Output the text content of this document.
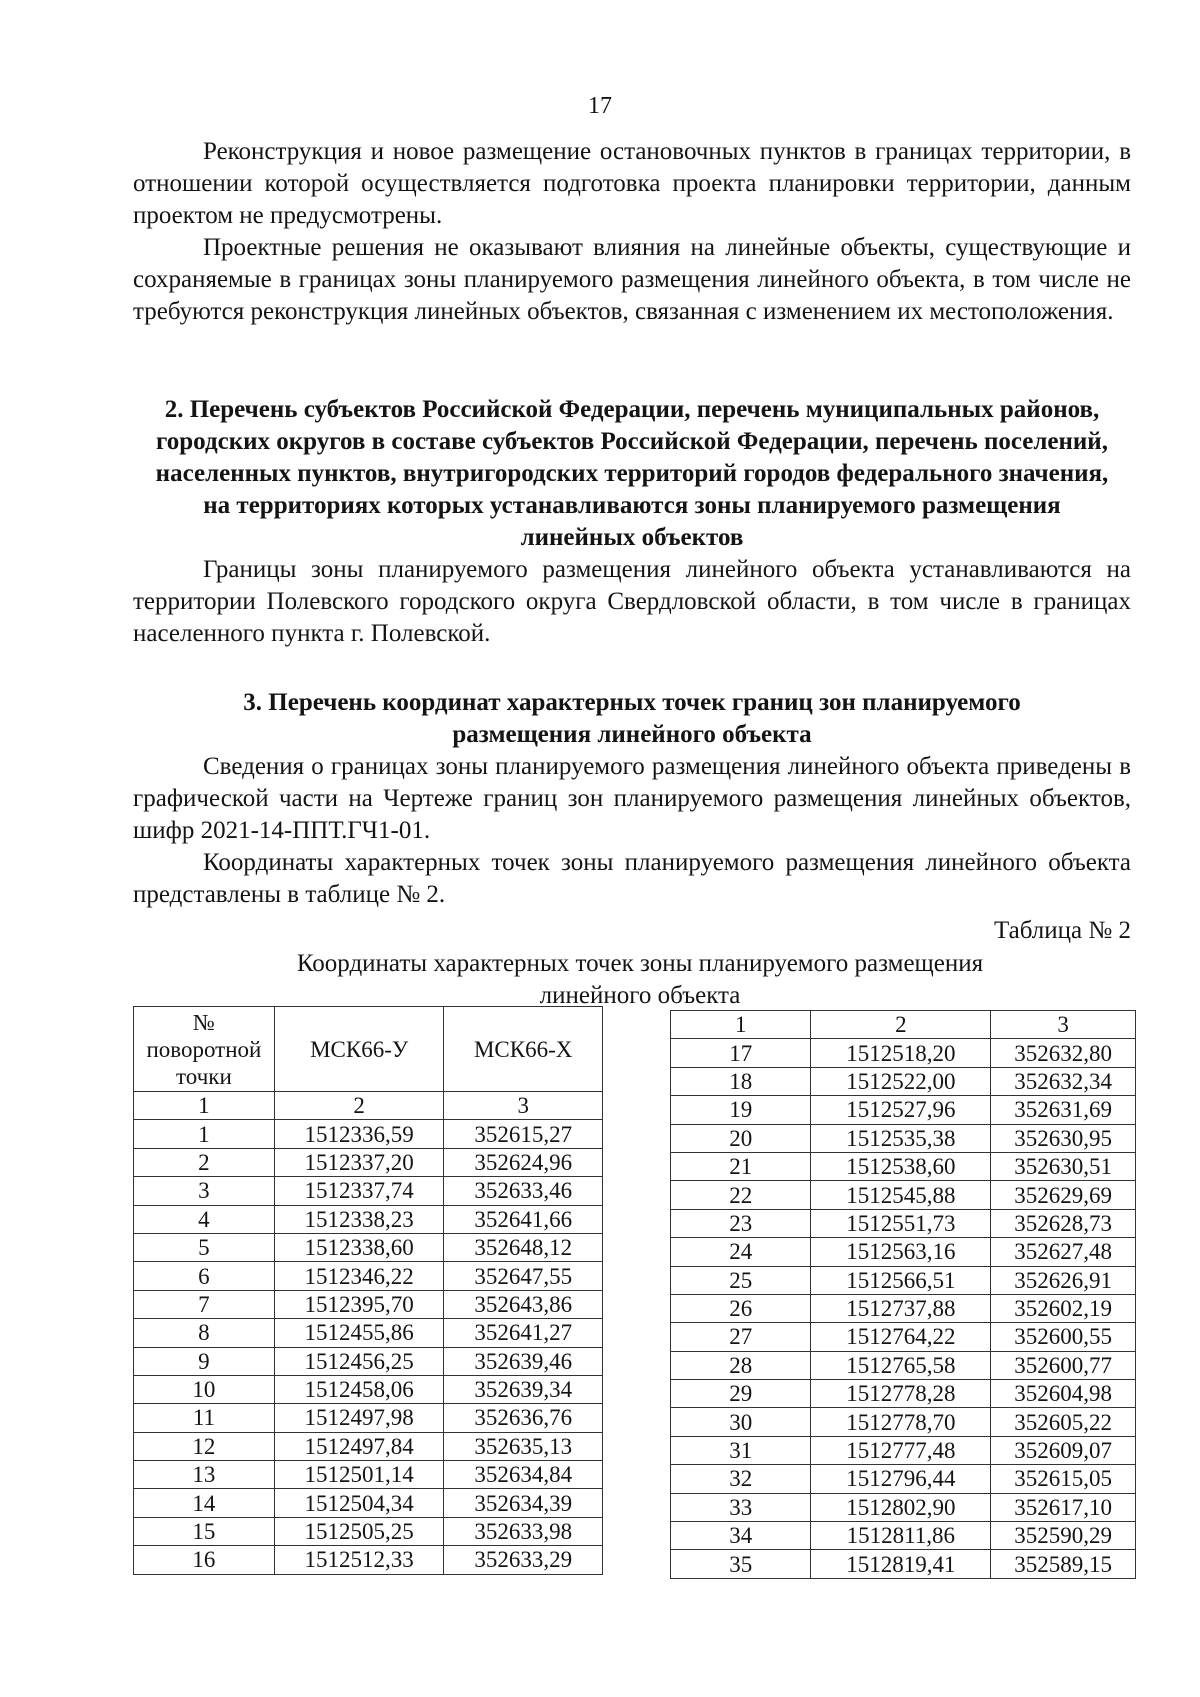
17

Реконструкция и новое размещение остановочных пунктов в границах территории, в отношении которой осуществляется подготовка проекта планировки территории, данным проектом не предусмотрены.

Проектные решения не оказывают влияния на линейные объекты, существующие и сохраняемые в границах зоны планируемого размещения линейного объекта, в том числе не требуются реконструкция линейных объектов, связанная с изменением их местоположения.

2. Перечень субъектов Российской Федерации, перечень муниципальных районов, городских округов в составе субъектов Российской Федерации, перечень поселений, населенных пунктов, внутригородских территорий городов федерального значения, на территориях которых устанавливаются зоны планируемого размещения линейных объектов

Границы зоны планируемого размещения линейного объекта устанавливаются на территории Полевского городского округа Свердловской области, в том числе в границах населенного пункта г. Полевской.

3. Перечень координат характерных точек границ зон планируемого размещения линейного объекта

Сведения о границах зоны планируемого размещения линейного объекта приведены в графической части на Чертеже границ зон планируемого размещения линейных объектов, шифр 2021-14-ППТ.ГЧ1-01.

Координаты характерных точек зоны планируемого размещения линейного объекта представлены в таблице № 2.

Таблица № 2
Координаты характерных точек зоны планируемого размещения
линейного объекта
№ поворотной точки	МСК66-У	МСК66-Х
1	2	3
1	1512336,59	352615,27
2	1512337,20	352624,96
3	1512337,74	352633,46
4	1512338,23	352641,66
5	1512338,60	352648,12
6	1512346,22	352647,55
7	1512395,70	352643,86
8	1512455,86	352641,27
9	1512456,25	352639,46
10	1512458,06	352639,34
11	1512497,98	352636,76
12	1512497,84	352635,13
13	1512501,14	352634,84
14	1512504,34	352634,39
15	1512505,25	352633,98
16	1512512,33	352633,29
1	2	3
17	1512518,20	352632,80
18	1512522,00	352632,34
19	1512527,96	352631,69
20	1512535,38	352630,95
21	1512538,60	352630,51
22	1512545,88	352629,69
23	1512551,73	352628,73
24	1512563,16	352627,48
25	1512566,51	352626,91
26	1512737,88	352602,19
27	1512764,22	352600,55
28	1512765,58	352600,77
29	1512778,28	352604,98
30	1512778,70	352605,22
31	1512777,48	352609,07
32	1512796,44	352615,05
33	1512802,90	352617,10
34	1512811,86	352590,29
35	1512819,41	352589,15
